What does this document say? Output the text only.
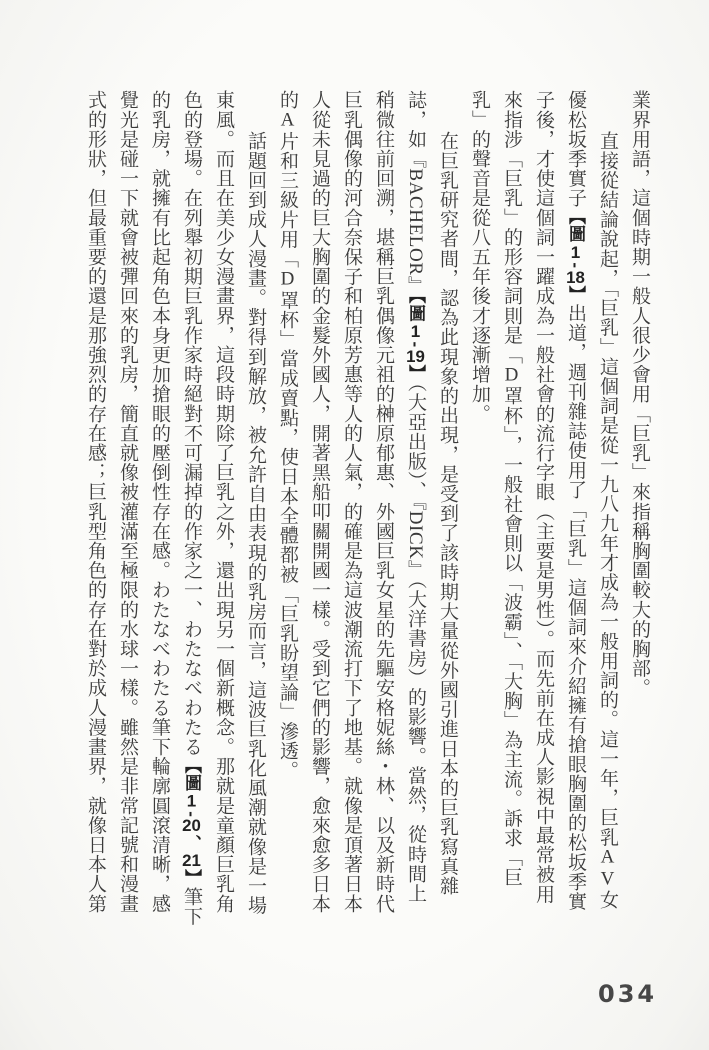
業界用語，這個時期一般人很少會用「巨乳」來指稱胸圍較大的胸部。
直接從結論說起，「巨乳」這個詞是從一九八九年才成為一般用詞的。這一年，巨乳AV女
優松坂季實子【圖1-18】出道，週刊雜誌使用了「巨乳」這個詞來介紹擁有搶眼胸圍的松坂季實
子後，才使這個詞一躍成為一般社會的流行字眼（主要是男性）。而先前在成人影視中最常被用
來指涉「巨乳」的形容詞則是「D罩杯」，一般社會則以「波霸」、「大胸」為主流。訴求「巨
乳」的聲音是從八五年後才逐漸增加。
在巨乳研究者間，認為此現象的出現，是受到了該時期大量從外國引進日本的巨乳寫真雜
誌，如『BACHELOR』【圖1-19】（大亞出版）、『DICK』（大洋書房）的影響。當然，從時間上
稍微往前回溯，堪稱巨乳偶像元祖的榊原郁惠、外國巨乳女星的先驅安格妮絲・林、以及新時代
巨乳偶像的河合奈保子和柏原芳惠等人的人氣，的確是為這波潮流打下了地基。就像是頂著日本
人從未見過的巨大胸圍的金髮外國人，開著黑船叩關開國一樣。受到它們的影響，愈來愈多日本
的A片和三級片用「D罩杯」當成賣點，使日本全體都被「巨乳盼望論」滲透。
話題回到成人漫畫。對得到解放，被允許自由表現的乳房而言，這波巨乳化風潮就像是一場
東風。而且在美少女漫畫界，這段時期除了巨乳之外，還出現另一個新概念。那就是童顏巨乳角
色的登場。在列舉初期巨乳作家時絕對不可漏掉的作家之一、わたなべわたる【圖1-20、21】筆下
的乳房，就擁有比起角色本身更加搶眼的壓倒性存在感。わたなべわたる筆下輪廓圓滾清晰，感
覺光是碰一下就會被彈回來的乳房，簡直就像被灌滿至極限的水球一樣。雖然是非常記號和漫畫
式的形狀，但最重要的還是那強烈的存在感；巨乳型角色的存在對於成人漫畫界，就像日本人第
034
